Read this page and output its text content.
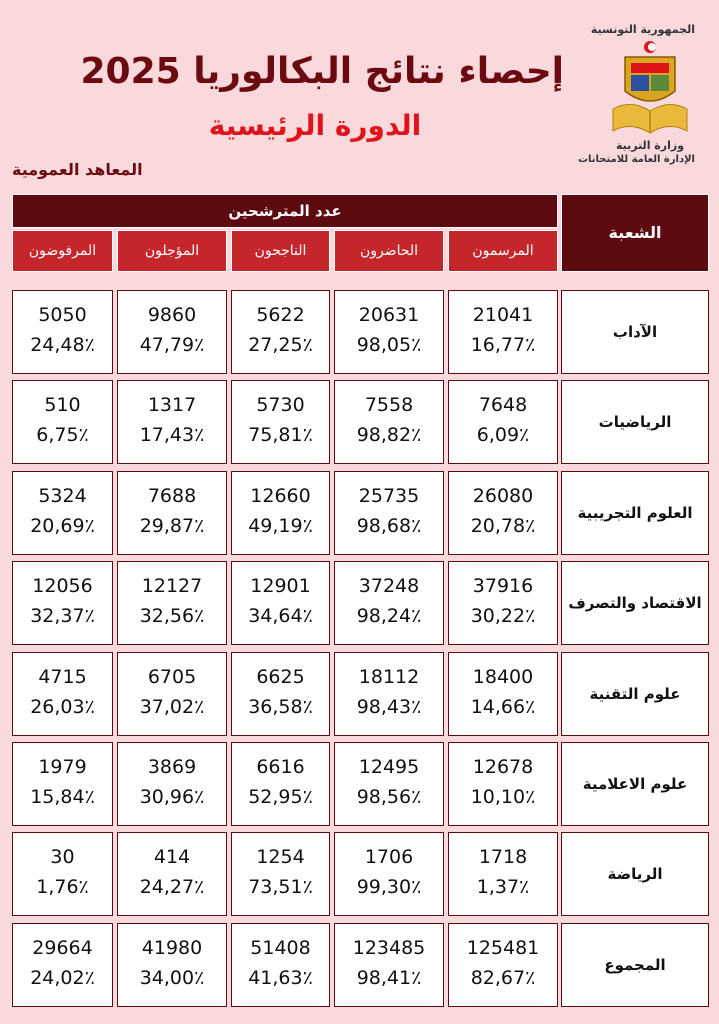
إحصاء نتائج البكالوريا 2025
الدورة الرئيسية
المعاهد العمومية
الجمهورية التونسية
وزارة التربية
الإدارة العامة للامتحانات
عدد المترشحين
الشعبة
المرسمون
الحاضرون
الناجحون
المؤجلون
المرفوضون
الآداب
21041
16,77٪
20631
98,05٪
5622
27,25٪
9860
47,79٪
5050
24,48٪
الرياضيات
7648
6,09٪
7558
98,82٪
5730
75,81٪
1317
17,43٪
510
6,75٪
العلوم التجريبية
26080
20,78٪
25735
98,68٪
12660
49,19٪
7688
29,87٪
5324
20,69٪
الاقتصاد والتصرف
37916
30,22٪
37248
98,24٪
12901
34,64٪
12127
32,56٪
12056
32,37٪
علوم التقنية
18400
14,66٪
18112
98,43٪
6625
36,58٪
6705
37,02٪
4715
26,03٪
علوم الاعلامية
12678
10,10٪
12495
98,56٪
6616
52,95٪
3869
30,96٪
1979
15,84٪
الرياضة
1718
1,37٪
1706
99,30٪
1254
73,51٪
414
24,27٪
30
1,76٪
المجموع
125481
82,67٪
123485
98,41٪
51408
41,63٪
41980
34,00٪
29664
24,02٪
